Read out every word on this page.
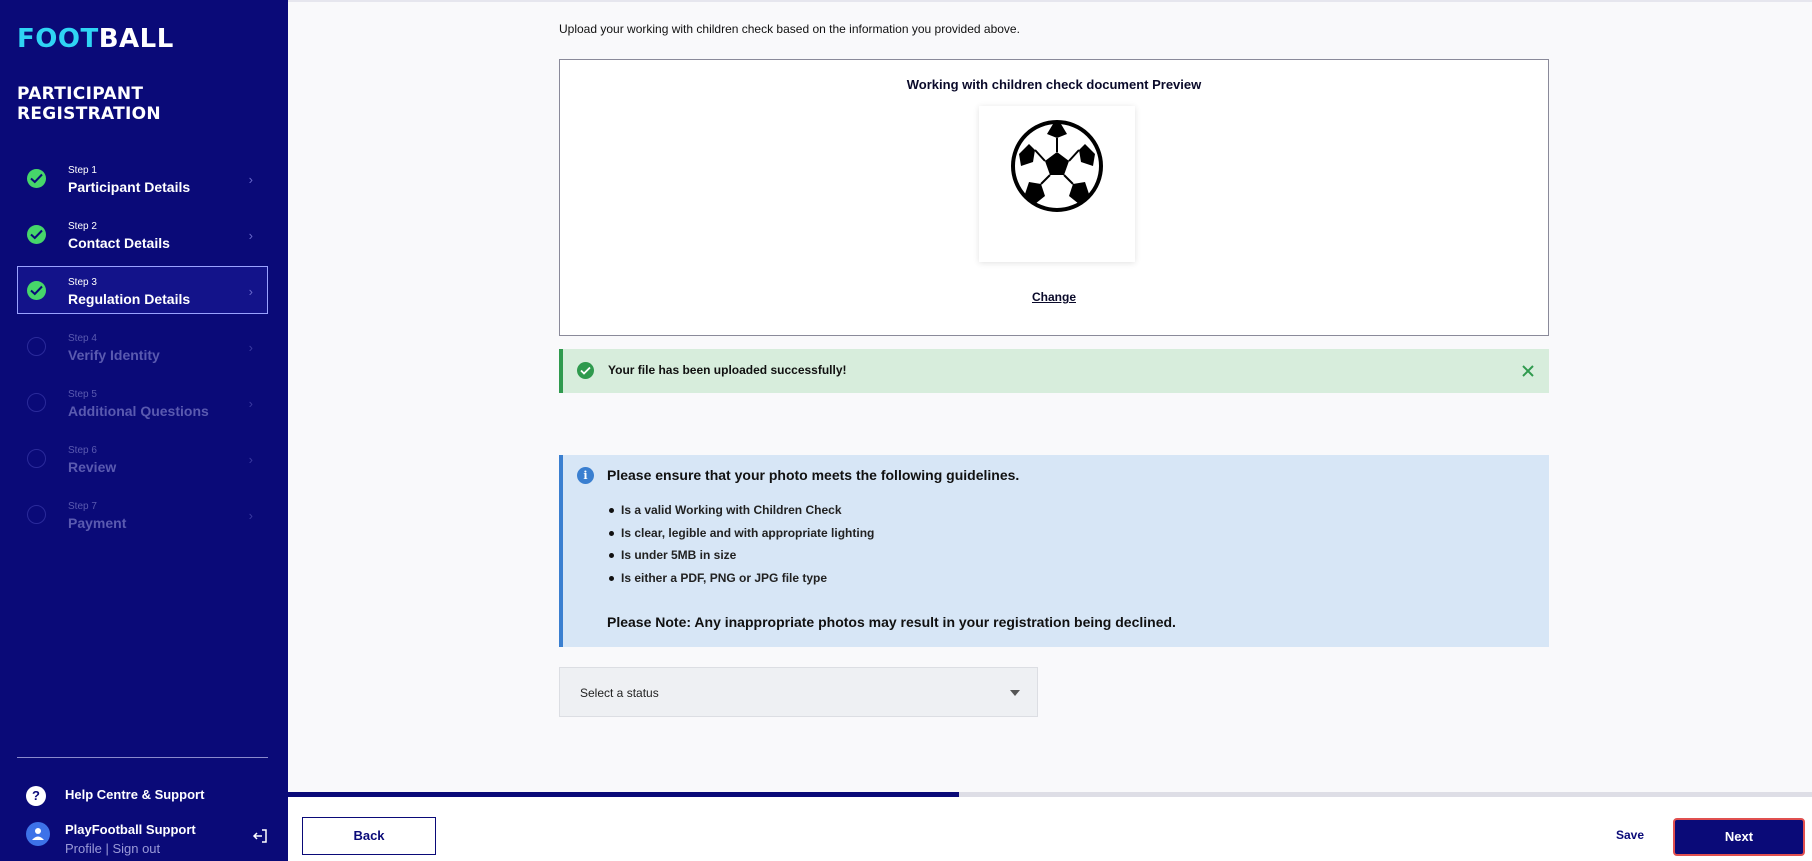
FOOTBALL
PARTICIPANT REGISTRATION
Step 1
Participant Details	›
Step 2
Contact Details	›
Step 3
Regulation Details	›
Step 4
Verify Identity	›
Step 5
Additional Questions	›
Step 6
Review	›
Step 7
Payment	›
?	Help Centre & Support
PlayFootball Support
Profile | Sign out
Upload your working with children check based on the information you provided above.
Working with children check document Preview
Change
Your file has been uploaded successfully!
i	Please ensure that your photo meets the following guidelines.
Is a valid Working with Children Check
Is clear, legible and with appropriate lighting
Is under 5MB in size
Is either a PDF, PNG or JPG file type
Please Note: Any inappropriate photos may result in your registration being declined.
Select a status
Back	Save	Next
